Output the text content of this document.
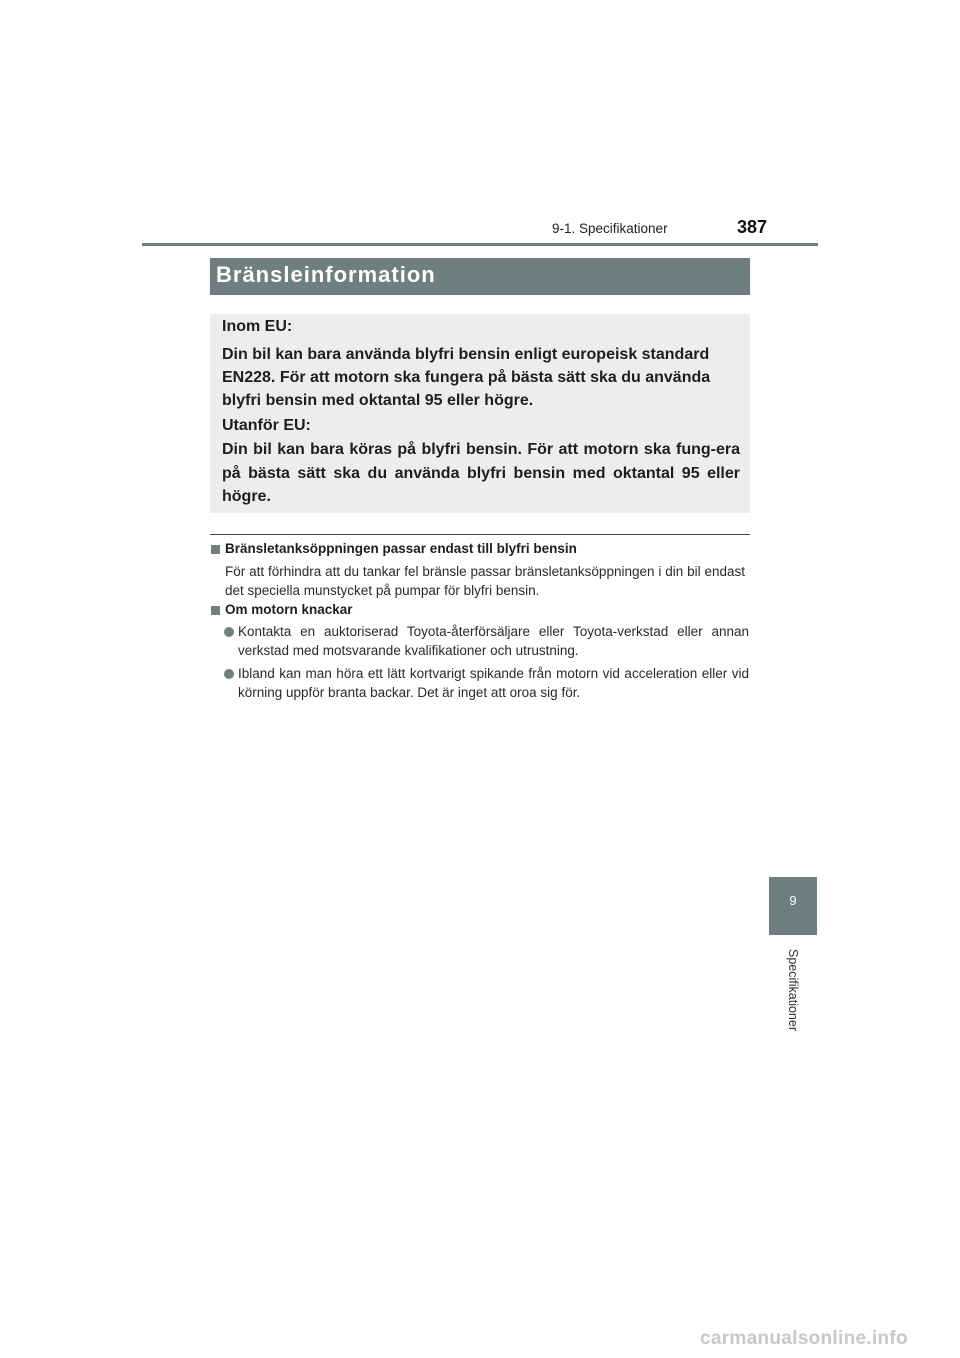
9-1. Specifikationer	387
Bränsleinformation
Inom EU:
Din bil kan bara använda blyfri bensin enligt europeisk standard
EN228. För att motorn ska fungera på bästa sätt ska du använda
blyfri bensin med oktantal 95 eller högre.
Utanför EU:
Din bil kan bara köras på blyfri bensin. För att motorn ska fung-era på bästa sätt ska du använda blyfri bensin med oktantal 95 eller högre.
Bränsletanksöppningen passar endast till blyfri bensin
För att förhindra att du tankar fel bränsle passar bränsletanksöppningen i din bil endast det speciella munstycket på pumpar för blyfri bensin.
Om motorn knackar
Kontakta en auktoriserad Toyota-återförsäljare eller Toyota-verkstad eller annan verkstad med motsvarande kvalifikationer och utrustning.
Ibland kan man höra ett lätt kortvarigt spikande från motorn vid acceleration eller vid körning uppför branta backar. Det är inget att oroa sig för.
9
Specifikationer
carmanualsonline.info
